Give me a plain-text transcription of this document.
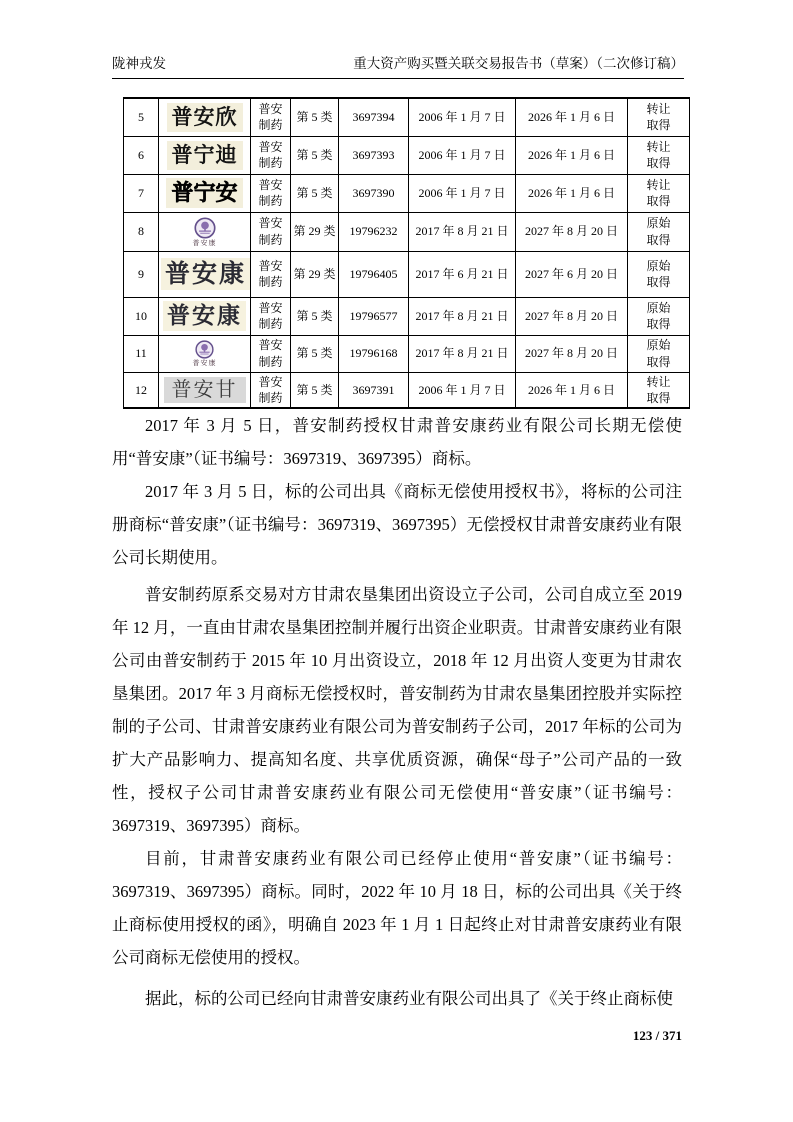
陇神戎发	重大资产购买暨关联交易报告书（草案）（二次修订稿）
5	普安欣	普安制药	第 5 类	3697394	2006 年 1 月 7 日	2026 年 1 月 6 日	转让取得
6	普宁迪	普安制药	第 5 类	3697393	2006 年 1 月 7 日	2026 年 1 月 6 日	转让取得
7	普宁安	普安制药	第 5 类	3697390	2006 年 1 月 7 日	2026 年 1 月 6 日	转让取得
8	普安康	普安制药	第 29 类	19796232	2017 年 8 月 21 日	2027 年 8 月 20 日	原始取得
9	普安康	普安制药	第 29 类	19796405	2017 年 6 月 21 日	2027 年 6 月 20 日	原始取得
10	普安康	普安制药	第 5 类	19796577	2017 年 8 月 21 日	2027 年 8 月 20 日	原始取得
11	普安康	普安制药	第 5 类	19796168	2017 年 8 月 21 日	2027 年 8 月 20 日	原始取得
12	普安甘	普安制药	第 5 类	3697391	2006 年 1 月 7 日	2026 年 1 月 6 日	转让取得

2017 年 3 月 5 日，普安制药授权甘肃普安康药业有限公司长期无偿使用“普安康”（证书编号：3697319、3697395）商标。

2017 年 3 月 5 日，标的公司出具《商标无偿使用授权书》，将标的公司注册商标“普安康”（证书编号：3697319、3697395）无偿授权甘肃普安康药业有限公司长期使用。

普安制药原系交易对方甘肃农垦集团出资设立子公司，公司自成立至 2019 年 12 月，一直由甘肃农垦集团控制并履行出资企业职责。甘肃普安康药业有限公司由普安制药于 2015 年 10 月出资设立，2018 年 12 月出资人变更为甘肃农垦集团。2017 年 3 月商标无偿授权时，普安制药为甘肃农垦集团控股并实际控制的子公司、甘肃普安康药业有限公司为普安制药子公司，2017 年标的公司为扩大产品影响力、提高知名度、共享优质资源，确保“母子”公司产品的一致性，授权子公司甘肃普安康药业有限公司无偿使用“普安康”（证书编号：3697319、3697395）商标。

目前，甘肃普安康药业有限公司已经停止使用“普安康”（证书编号：3697319、3697395）商标。同时，2022 年 10 月 18 日，标的公司出具《关于终止商标使用授权的函》，明确自 2023 年 1 月 1 日起终止对甘肃普安康药业有限公司商标无偿使用的授权。

据此，标的公司已经向甘肃普安康药业有限公司出具了《关于终止商标使

123 / 371
